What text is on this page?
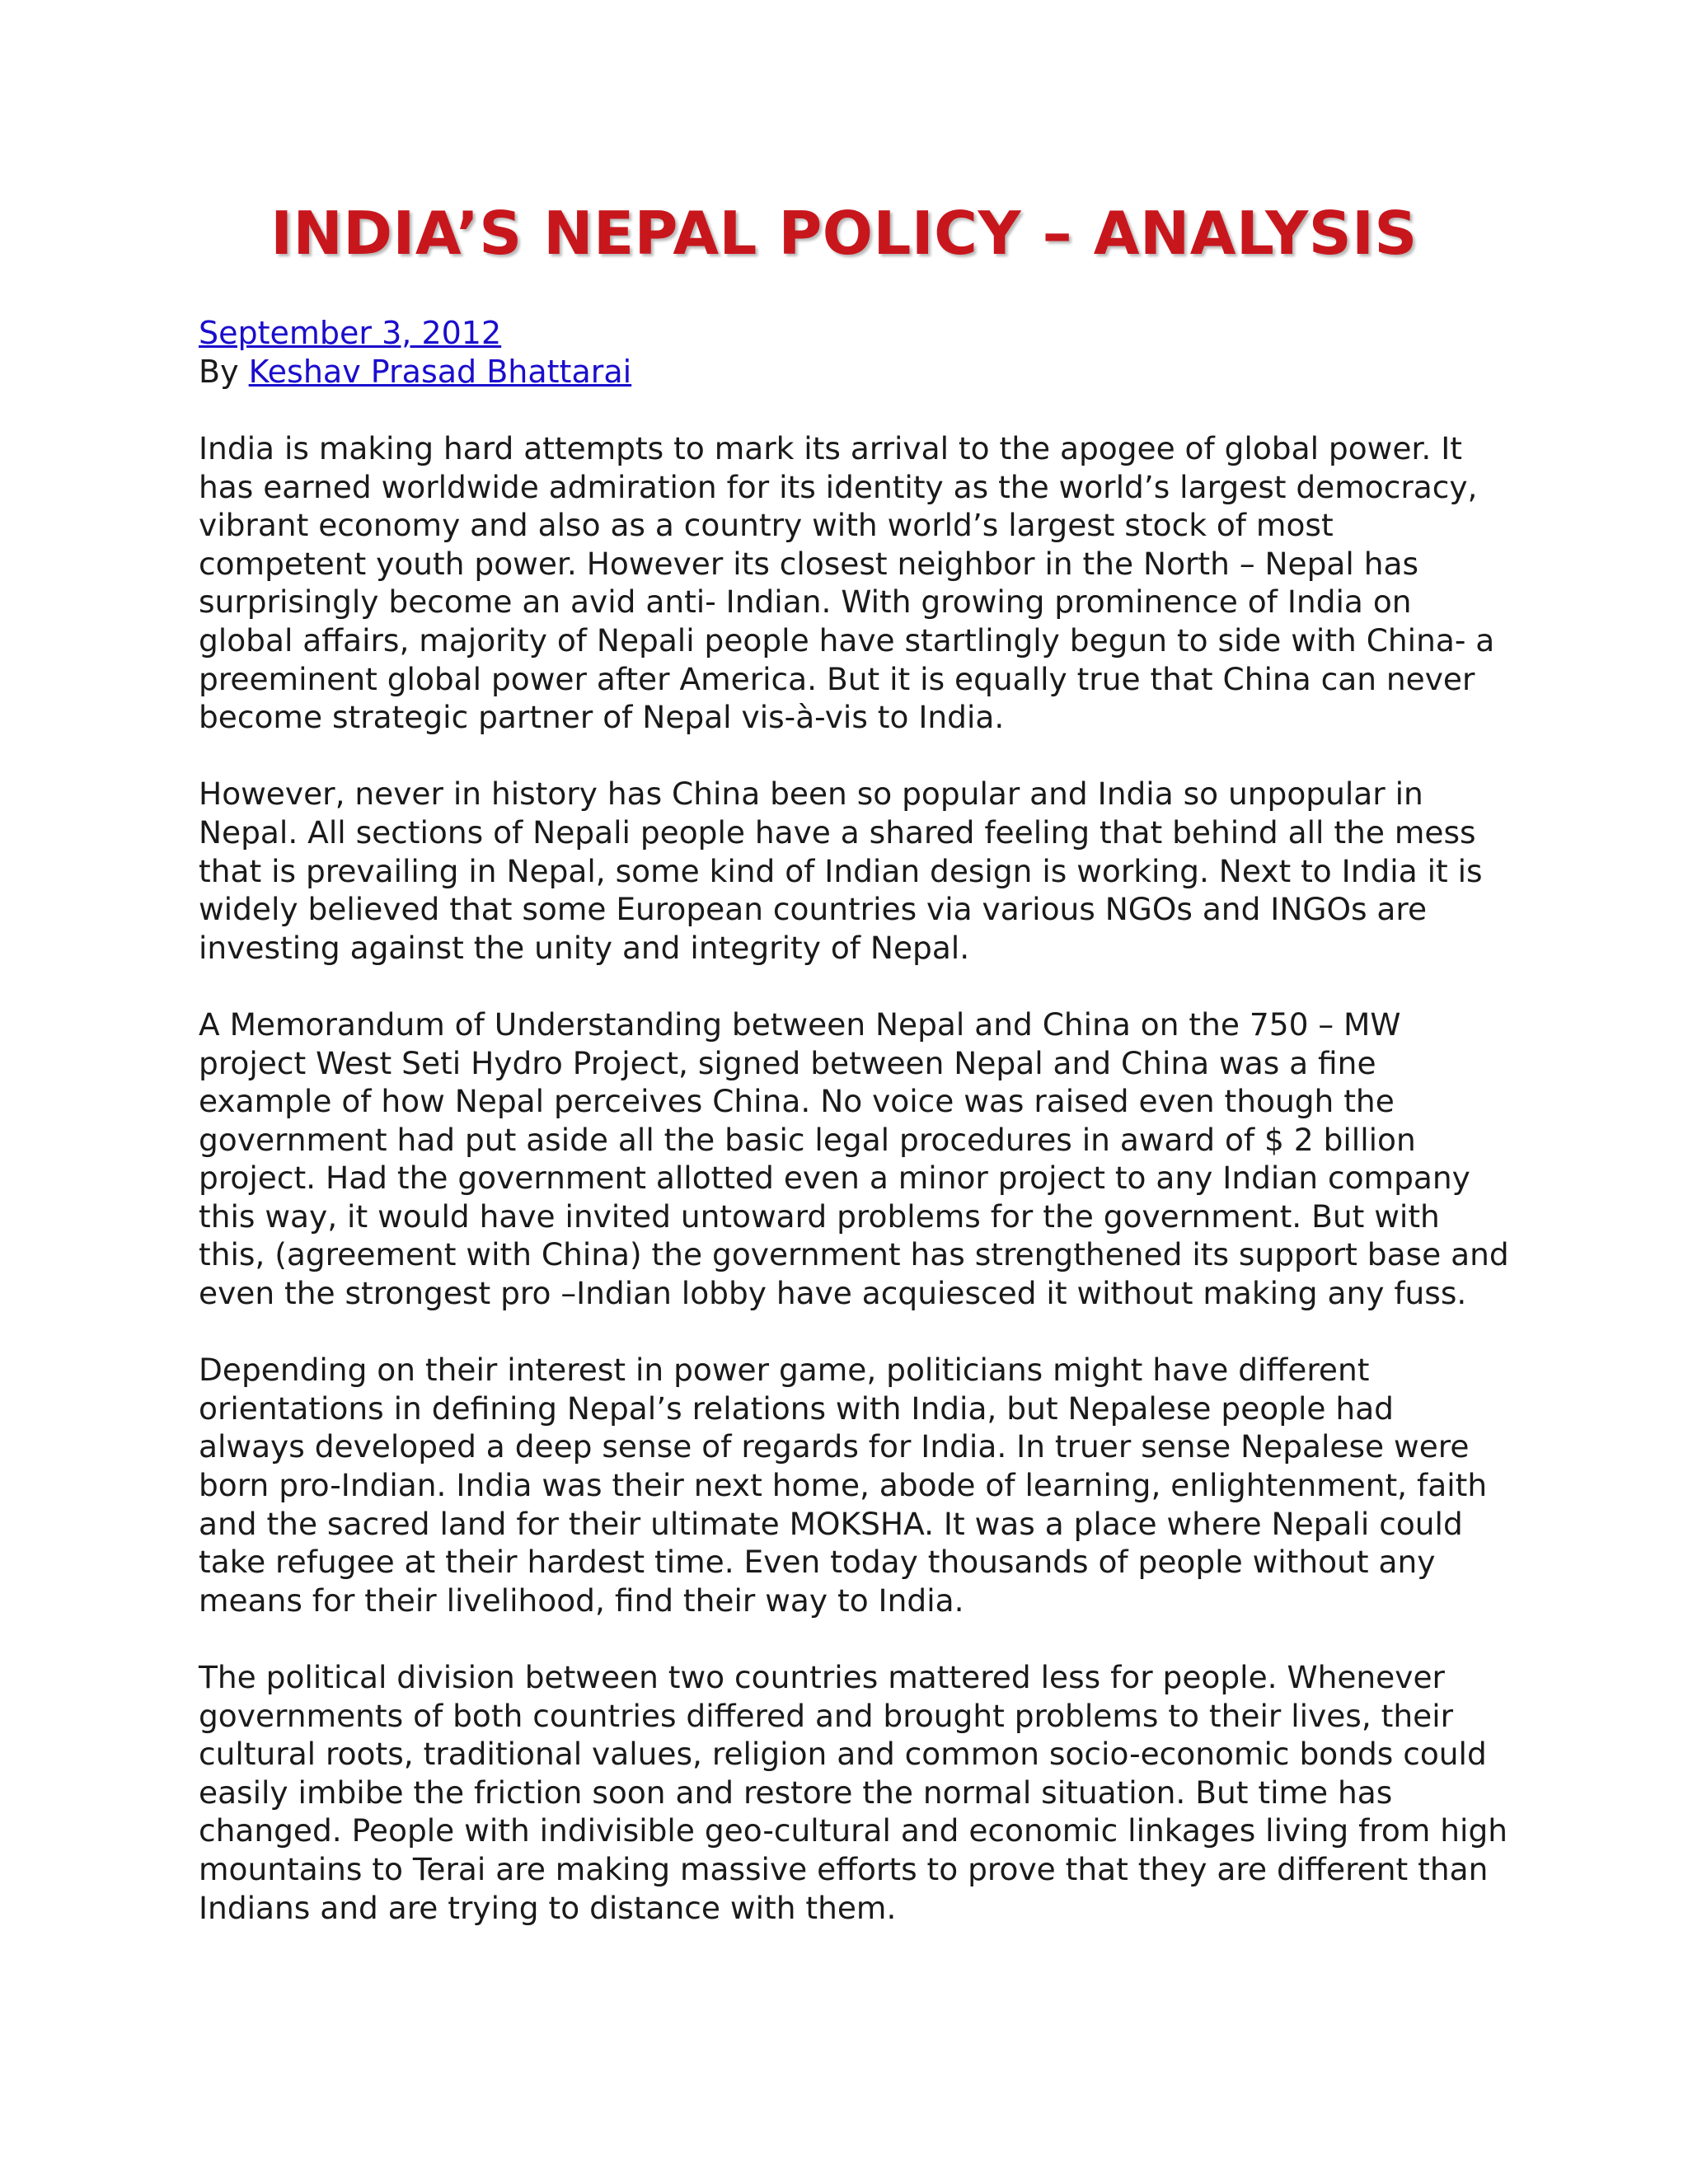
INDIA’S NEPAL POLICY – ANALYSIS
September 3, 2012
By Keshav Prasad Bhattarai

India is making hard attempts to mark its arrival to the apogee of global power. It has earned worldwide admiration for its identity as the world’s largest democracy, vibrant economy and also as a country with world’s largest stock of most competent youth power. However its closest neighbor in the North – Nepal has surprisingly become an avid anti- Indian. With growing prominence of India on global affairs, majority of Nepali people have startlingly begun to side with China- a preeminent global power after America. But it is equally true that China can never become strategic partner of Nepal vis-à-vis to India.

However, never in history has China been so popular and India so unpopular in Nepal. All sections of Nepali people have a shared feeling that behind all the mess that is prevailing in Nepal, some kind of Indian design is working. Next to India it is widely believed that some European countries via various NGOs and INGOs are investing against the unity and integrity of Nepal.

A Memorandum of Understanding between Nepal and China on the 750 – MW project West Seti Hydro Project, signed between Nepal and China was a fine example of how Nepal perceives China. No voice was raised even though the government had put aside all the basic legal procedures in award of $ 2 billion project. Had the government allotted even a minor project to any Indian company this way, it would have invited untoward problems for the government. But with this, (agreement with China) the government has strengthened its support base and even the strongest pro –Indian lobby have acquiesced it without making any fuss.

Depending on their interest in power game, politicians might have different orientations in defining Nepal’s relations with India, but Nepalese people had always developed a deep sense of regards for India. In truer sense Nepalese were born pro-Indian. India was their next home, abode of learning, enlightenment, faith and the sacred land for their ultimate MOKSHA. It was a place where Nepali could take refugee at their hardest time. Even today thousands of people without any means for their livelihood, find their way to India.

The political division between two countries mattered less for people. Whenever governments of both countries differed and brought problems to their lives, their cultural roots, traditional values, religion and common socio-economic bonds could easily imbibe the friction soon and restore the normal situation. But time has changed. People with indivisible geo-cultural and economic linkages living from high mountains to Terai are making massive efforts to prove that they are different than Indians and are trying to distance with them.
